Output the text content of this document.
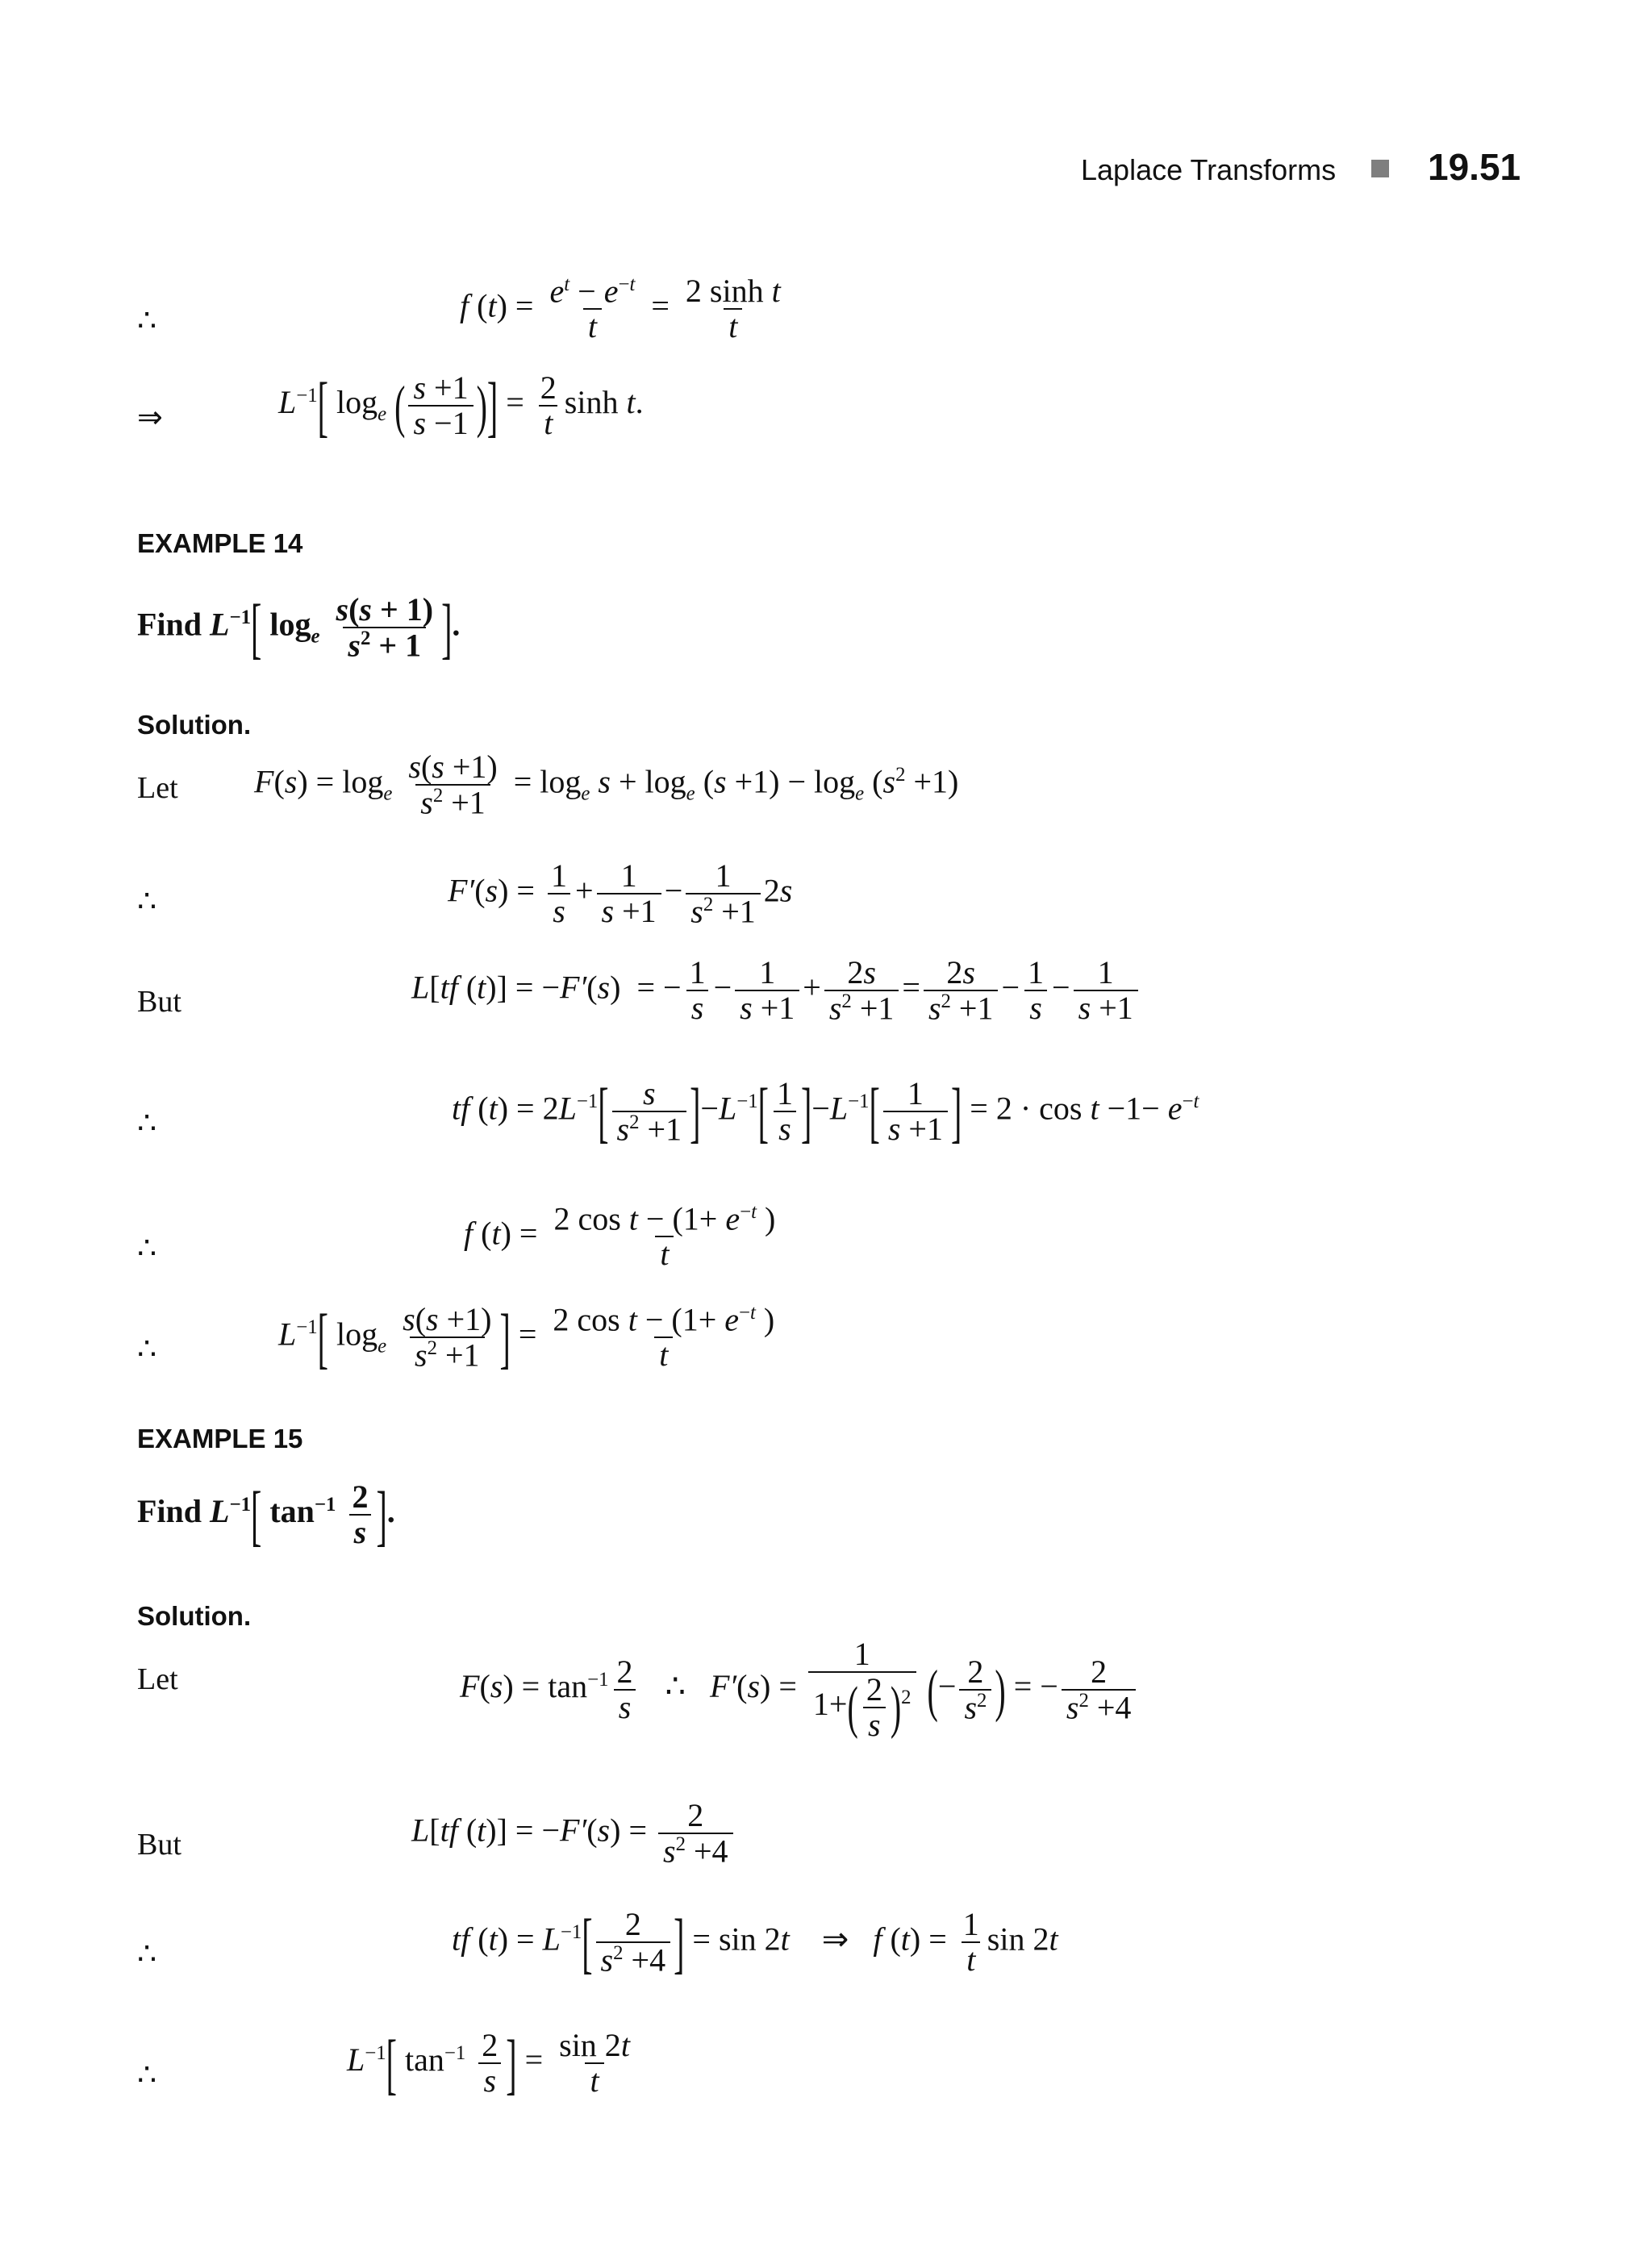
Laplace Transforms 19.51
∴	f $(t) = \frac{e^t - e^{-t}}{t} = \frac{\text{2 sinh t}}{t}$
⇒	$L^{-1}$[ $\log_e$ ( $\frac{s +1}{s -1}$ )] = $\frac{2}{t}$ sinh t.
EXAMPLE 14
Find $L^{-1}$[ $\log_e \frac{s(s + 1)}{s^2 + 1}$ ].
Solution.
Let $F(s) = \log_e \frac{s(s +1)}{s^2 +1} = \log_e s + \log_e (s +1) - \log_e (s^2 +1)$
∴	$F'(s) = \frac{1}{s} + \frac{1}{s +1} - \frac{1}{s^2 +1} 2s$
But	L[tf (t)] = −F′(s)  = − $\frac{1}{s} - \frac{1}{s +1} + \frac{2s}{s^2 +1} = \frac{2s}{s^2 +1} - \frac{1}{s} - \frac{1}{s +1}$
∴	tf $(t) = 2L^{-1}[ \frac{s}{s^2 +1} ]-L^{-1}[ \frac{1}{s} ]-L^{-1}[ \frac{1}{s +1}$ ] = $2 \cdot \cos t -1- e^{-t}$
∴	f $(t) = \frac{2 \cos t - (1+ e^{-t} )}{t}$
∴	$L^{-1}$[ $\log_e \frac{s(s +1)}{s^2 +1}$ ] = $\frac{2 \cos t - (1+ e^{-t} )}{t}$
EXAMPLE 15
Find $L^{-1}$[ $\tan^{-1} \frac{2}{s}$ ].
Solution.
Let	$F(s) = \tan^{-1} \frac{2}{s}$ ∴   $F'(s) = \frac{1}{1+( \frac{2}{s} )^2}$ (− $\frac{2}{s^2}$ ) = − $\frac{2}{s^2 +4}$
But	L[tf $(t)] = -F'(s) = \frac{2}{s^2 +4}$
∴	tf $(t) = L^{-1}[ \frac{2}{s^2 +4}$ ] = sin 2t ⇒ f $(t) = \frac{1}{t}$ sin 2t
∴	$L^{-1}$[ $\tan^{-1} \frac{2}{s}$ ] = $\frac{\sin 2t}{t}$
